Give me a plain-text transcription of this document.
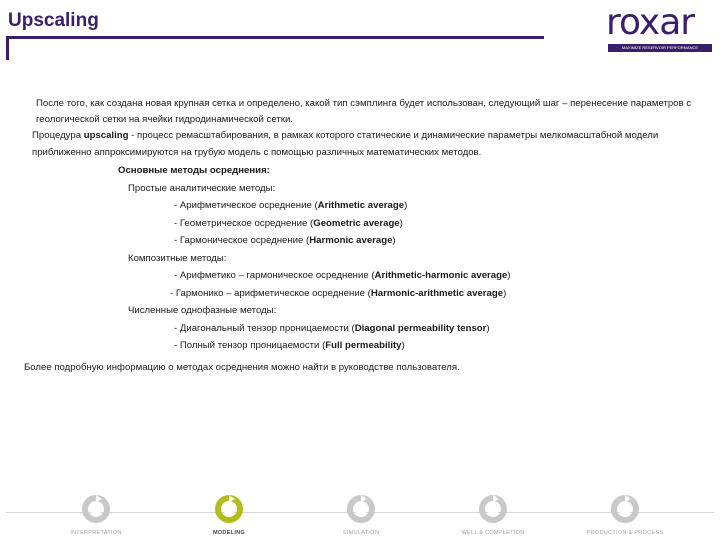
Upscaling	roxar
MAXIMIZE RESERVOIR PERFORMANCE

После того, как создана новая крупная сетка и определено, какой тип сэмплинга будет использован, следующий шаг – перенесение параметров с геологической сетки на ячейки гидродинамической сетки.

Процедура upscaling - процесс ремасштабирования, в рамках которого статические и динамические параметры мелкомасштабной модели приближенно аппроксимируются на грубую модель с помощью различных математических методов.

Основные методы осреднения:
Простые аналитические методы:
- Арифметическое осреднение (Arithmetic average)
- Геометрическое осреднение (Geometric average)
- Гармоническое осреднение (Harmonic average)
Композитные методы:
- Арифметико – гармоническое осреднение (Arithmetic-harmonic average)
- Гармонико – арифметическое осреднение (Harmonic-arithmetic average)
Численные однофазные методы:
- Диагональный тензор проницаемости (Diagonal permeability tensor)
- Полный тензор проницаемости (Full permeability)
Более подробную информацию о методах осреднения можно найти в руководстве пользователя.
INTERPRETATION	MODELING	SIMULATION	WELL & COMPLETION	PRODUCTION & PROCESS
